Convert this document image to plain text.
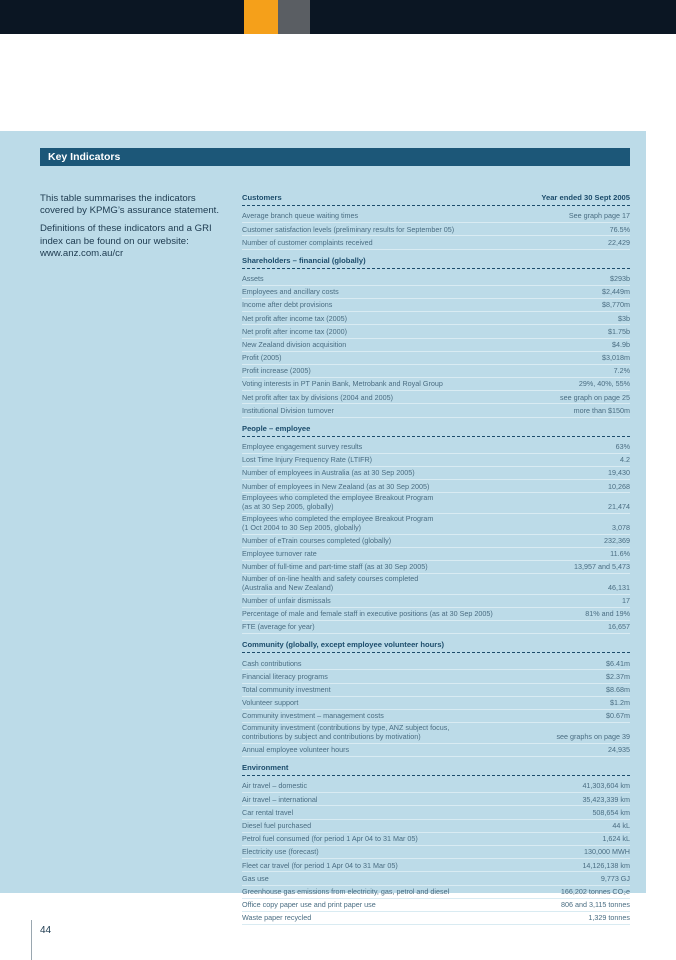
Key Indicators

This table summarises the indicators covered by KPMG’s assurance statement.

Definitions of these indicators and a GRI index can be found on our website:

www.anz.com.au/cr
Customers	Year ended 30 Sept 2005
Average branch queue waiting times	See graph page 17
Customer satisfaction levels (preliminary results for September 05)	76.5%
Number of customer complaints received	22,429
Shareholders – financial (globally)
Assets	$293b
Employees and ancillary costs	$2,449m
Income after debt provisions	$8,770m
Net profit after income tax (2005)	$3b
Net profit after income tax (2000)	$1.75b
New Zealand division acquisition	$4.9b
Profit (2005)	$3,018m
Profit increase (2005)	7.2%
Voting interests in PT Panin Bank, Metrobank and Royal Group	29%, 40%, 55%
Net profit after tax by divisions (2004 and 2005)	see graph on page 25
Institutional Division turnover	more than $150m
People – employee
Employee engagement survey results	63%
Lost Time Injury Frequency Rate (LTIFR)	4.2
Number of employees in Australia (as at 30 Sep 2005)	19,430
Number of employees in New Zealand (as at 30 Sep 2005)	10,268
Employees who completed the employee Breakout Program
(as at 30 Sep 2005, globally)	21,474
Employees who completed the employee Breakout Program
(1 Oct 2004 to 30 Sep 2005, globally)	3,078
Number of eTrain courses completed (globally)	232,369
Employee turnover rate	11.6%
Number of full-time and part-time staff (as at 30 Sep 2005)	13,957 and 5,473
Number of on-line health and safety courses completed
(Australia and New Zealand)	46,131
Number of unfair dismissals	17
Percentage of male and female staff in executive positions (as at 30 Sep 2005)	81% and 19%
FTE (average for year)	16,657
Community (globally, except employee volunteer hours)
Cash contributions	$6.41m
Financial literacy programs	$2.37m
Total community investment	$8.68m
Volunteer support	$1.2m
Community investment – management costs	$0.67m
Community investment (contributions by type, ANZ subject focus,
contributions by subject and contributions by motivation)	see graphs on page 39
Annual employee volunteer hours	24,935
Environment
Air travel – domestic	41,303,604 km
Air travel – international	35,423,339 km
Car rental travel	508,654 km
Diesel fuel purchased	44 kL
Petrol fuel consumed (for period 1 Apr 04 to 31 Mar 05)	1,624 kL
Electricity use (forecast)	130,000 MWH
Fleet car travel (for period 1 Apr 04 to 31 Mar 05)	14,126,138 km
Gas use	9,773 GJ
Greenhouse gas emissions from electricity, gas, petrol and diesel	166,202 tonnes CO₂e
Office copy paper use and print paper use	806 and 3,115 tonnes
Waste paper recycled	1,329 tonnes
44
